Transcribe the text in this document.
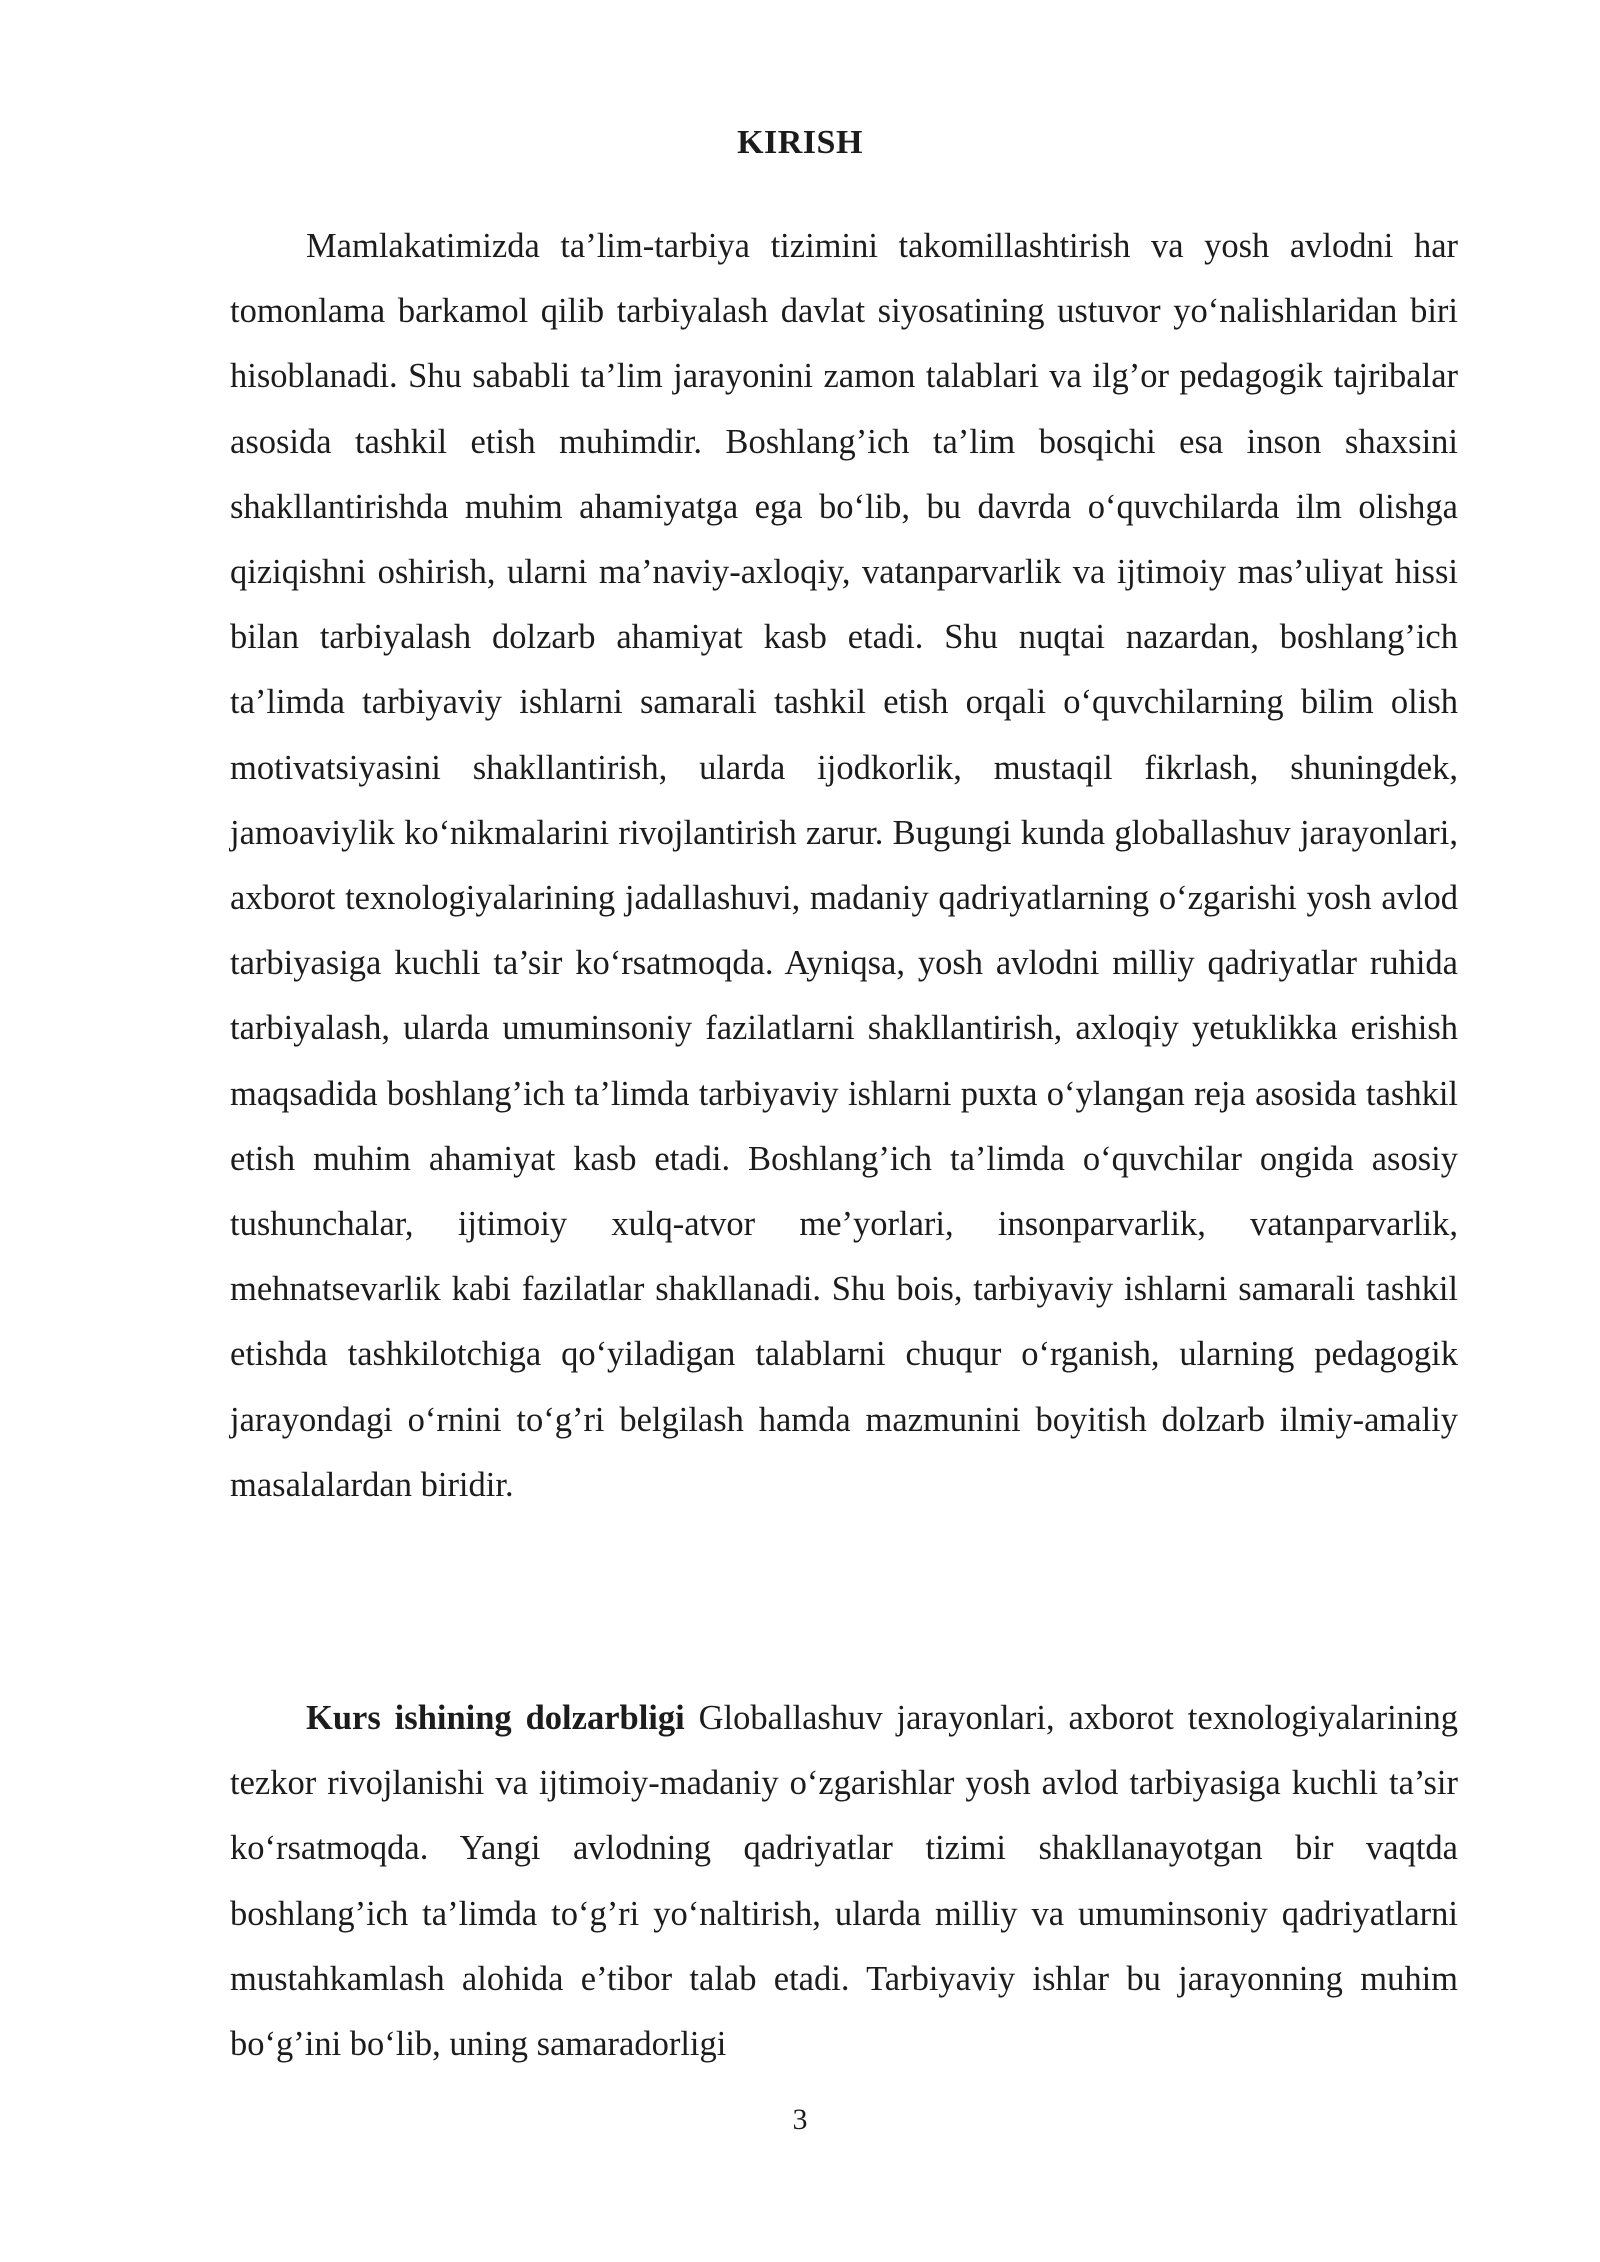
KIRISH

Mamlakatimizda ta’lim-tarbiya tizimini takomillashtirish va yosh avlodni har tomonlama barkamol qilib tarbiyalash davlat siyosatining ustuvor yo‘nalishlaridan biri hisoblanadi. Shu sababli ta’lim jarayonini zamon talablari va ilg’or pedagogik tajribalar asosida tashkil etish muhimdir. Boshlang’ich ta’lim bosqichi esa inson shaxsini shakllantirishda muhim ahamiyatga ega bo‘lib, bu davrda o‘quvchilarda ilm olishga qiziqishni oshirish, ularni ma’naviy-axloqiy, vatanparvarlik va ijtimoiy mas’uliyat hissi bilan tarbiyalash dolzarb ahamiyat kasb etadi. Shu nuqtai nazardan, boshlang’ich ta’limda tarbiyaviy ishlarni samarali tashkil etish orqali o‘quvchilarning bilim olish motivatsiyasini shakllantirish, ularda ijodkorlik, mustaqil fikrlash, shuningdek, jamoaviylik ko‘nikmalarini rivojlantirish zarur. Bugungi kunda globallashuv jarayonlari, axborot texnologiyalarining jadallashuvi, madaniy qadriyatlarning o‘zgarishi yosh avlod tarbiyasiga kuchli ta’sir ko‘rsatmoqda. Ayniqsa, yosh avlodni milliy qadriyatlar ruhida tarbiyalash, ularda umuminsoniy fazilatlarni shakllantirish, axloqiy yetuklikka erishish maqsadida boshlang’ich ta’limda tarbiyaviy ishlarni puxta o‘ylangan reja asosida tashkil etish muhim ahamiyat kasb etadi. Boshlang’ich ta’limda o‘quvchilar ongida asosiy tushunchalar, ijtimoiy xulq-atvor me’yorlari, insonparvarlik, vatanparvarlik, mehnatsevarlik kabi fazilatlar shakllanadi. Shu bois, tarbiyaviy ishlarni samarali tashkil etishda tashkilotchiga qo‘yiladigan talablarni chuqur o‘rganish, ularning pedagogik jarayondagi o‘rnini to‘g’ri belgilash hamda mazmunini boyitish dolzarb ilmiy-amaliy masalalardan biridir.

Kurs ishining dolzarbligi Globallashuv jarayonlari, axborot texnologiyalarining tezkor rivojlanishi va ijtimoiy-madaniy o‘zgarishlar yosh avlod tarbiyasiga kuchli ta’sir ko‘rsatmoqda. Yangi avlodning qadriyatlar tizimi shakllanayotgan bir vaqtda boshlang’ich ta’limda to‘g’ri yo‘naltirish, ularda milliy va umuminsoniy qadriyatlarni mustahkamlash alohida e’tibor talab etadi. Tarbiyaviy ishlar bu jarayonning muhim bo‘g’ini bo‘lib, uning samaradorligi

3
